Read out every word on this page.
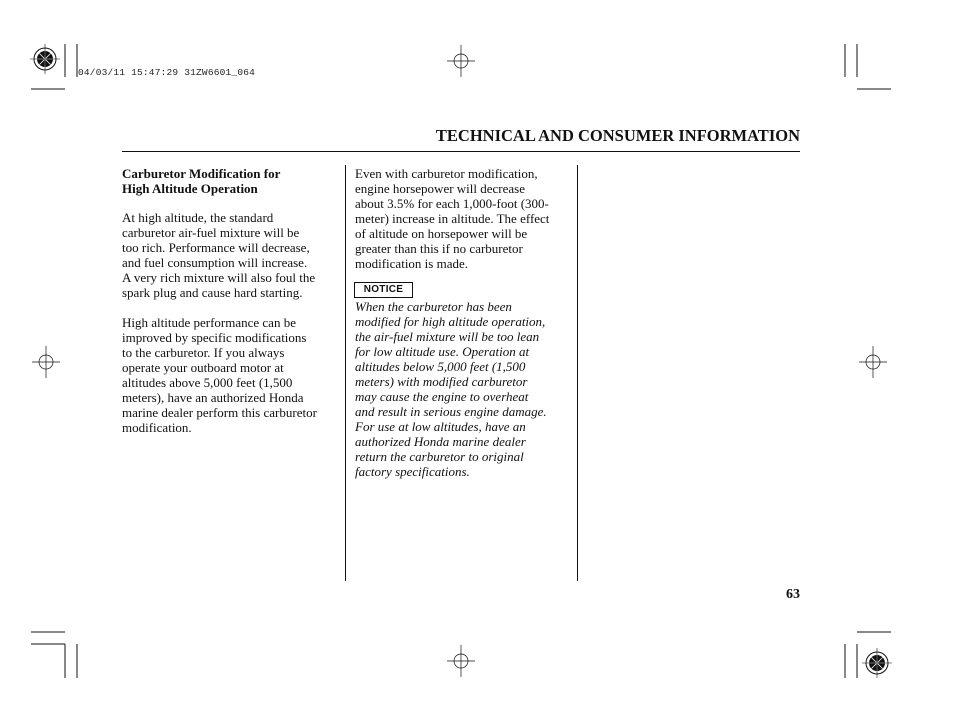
04/03/11 15:47:29 31ZW6601_064
TECHNICAL AND CONSUMER INFORMATION

Carburetor Modification for
High Altitude Operation

At high altitude, the standard
carburetor air-fuel mixture will be
too rich. Performance will decrease,
and fuel consumption will increase.
A very rich mixture will also foul the
spark plug and cause hard starting.

High altitude performance can be
improved by specific modifications
to the carburetor. If you always
operate your outboard motor at
altitudes above 5,000 feet (1,500
meters), have an authorized Honda
marine dealer perform this carburetor
modification.

Even with carburetor modification,
engine horsepower will decrease
about 3.5% for each 1,000-foot (300-
meter) increase in altitude. The effect
of altitude on horsepower will be
greater than this if no carburetor
modification is made.

NOTICE

When the carburetor has been
modified for high altitude operation,
the air-fuel mixture will be too lean
for low altitude use. Operation at
altitudes below 5,000 feet (1,500
meters) with modified carburetor
may cause the engine to overheat
and result in serious engine damage.
For use at low altitudes, have an
authorized Honda marine dealer
return the carburetor to original
factory specifications.

63
